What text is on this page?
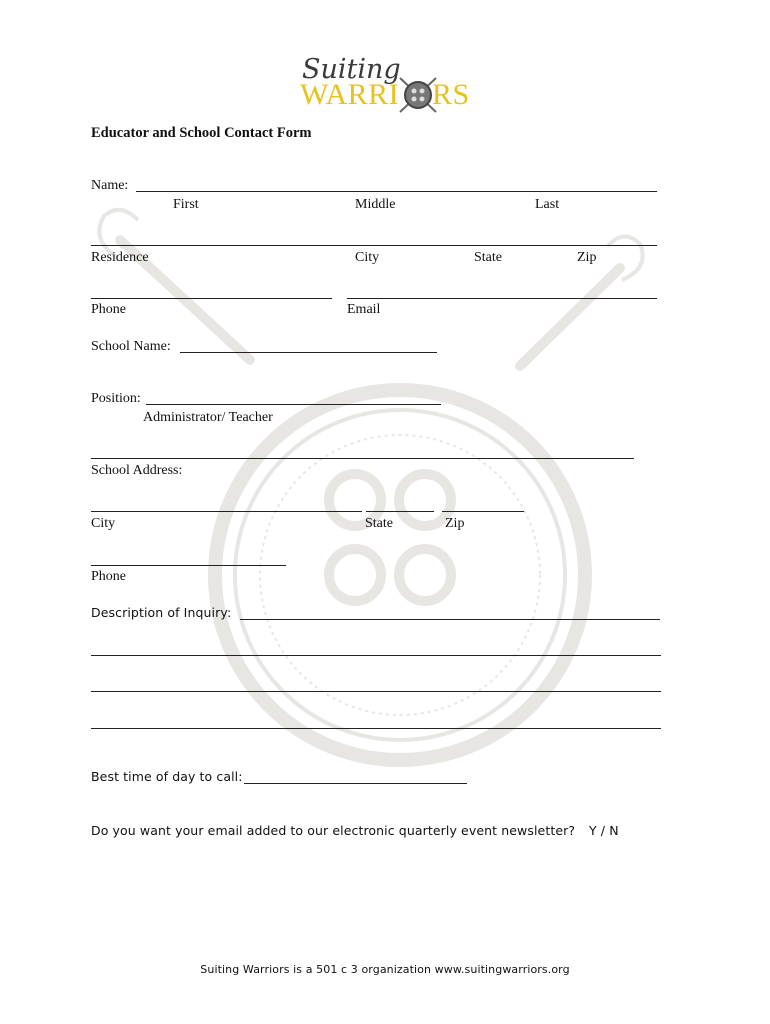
Suiting
WARRI RS
Educator and School Contact Form
Name:
First	Middle	Last
Residence	City	State	Zip
Phone	Email
School Name:
Position:
Administrator/ Teacher
School Address:
City	State	Zip
Phone
Description of Inquiry:
Best time of day to call:
Do you want your email added to our electronic quarterly event newsletter? Y / N
Suiting Warriors is a 501 c 3 organization www.suitingwarriors.org
